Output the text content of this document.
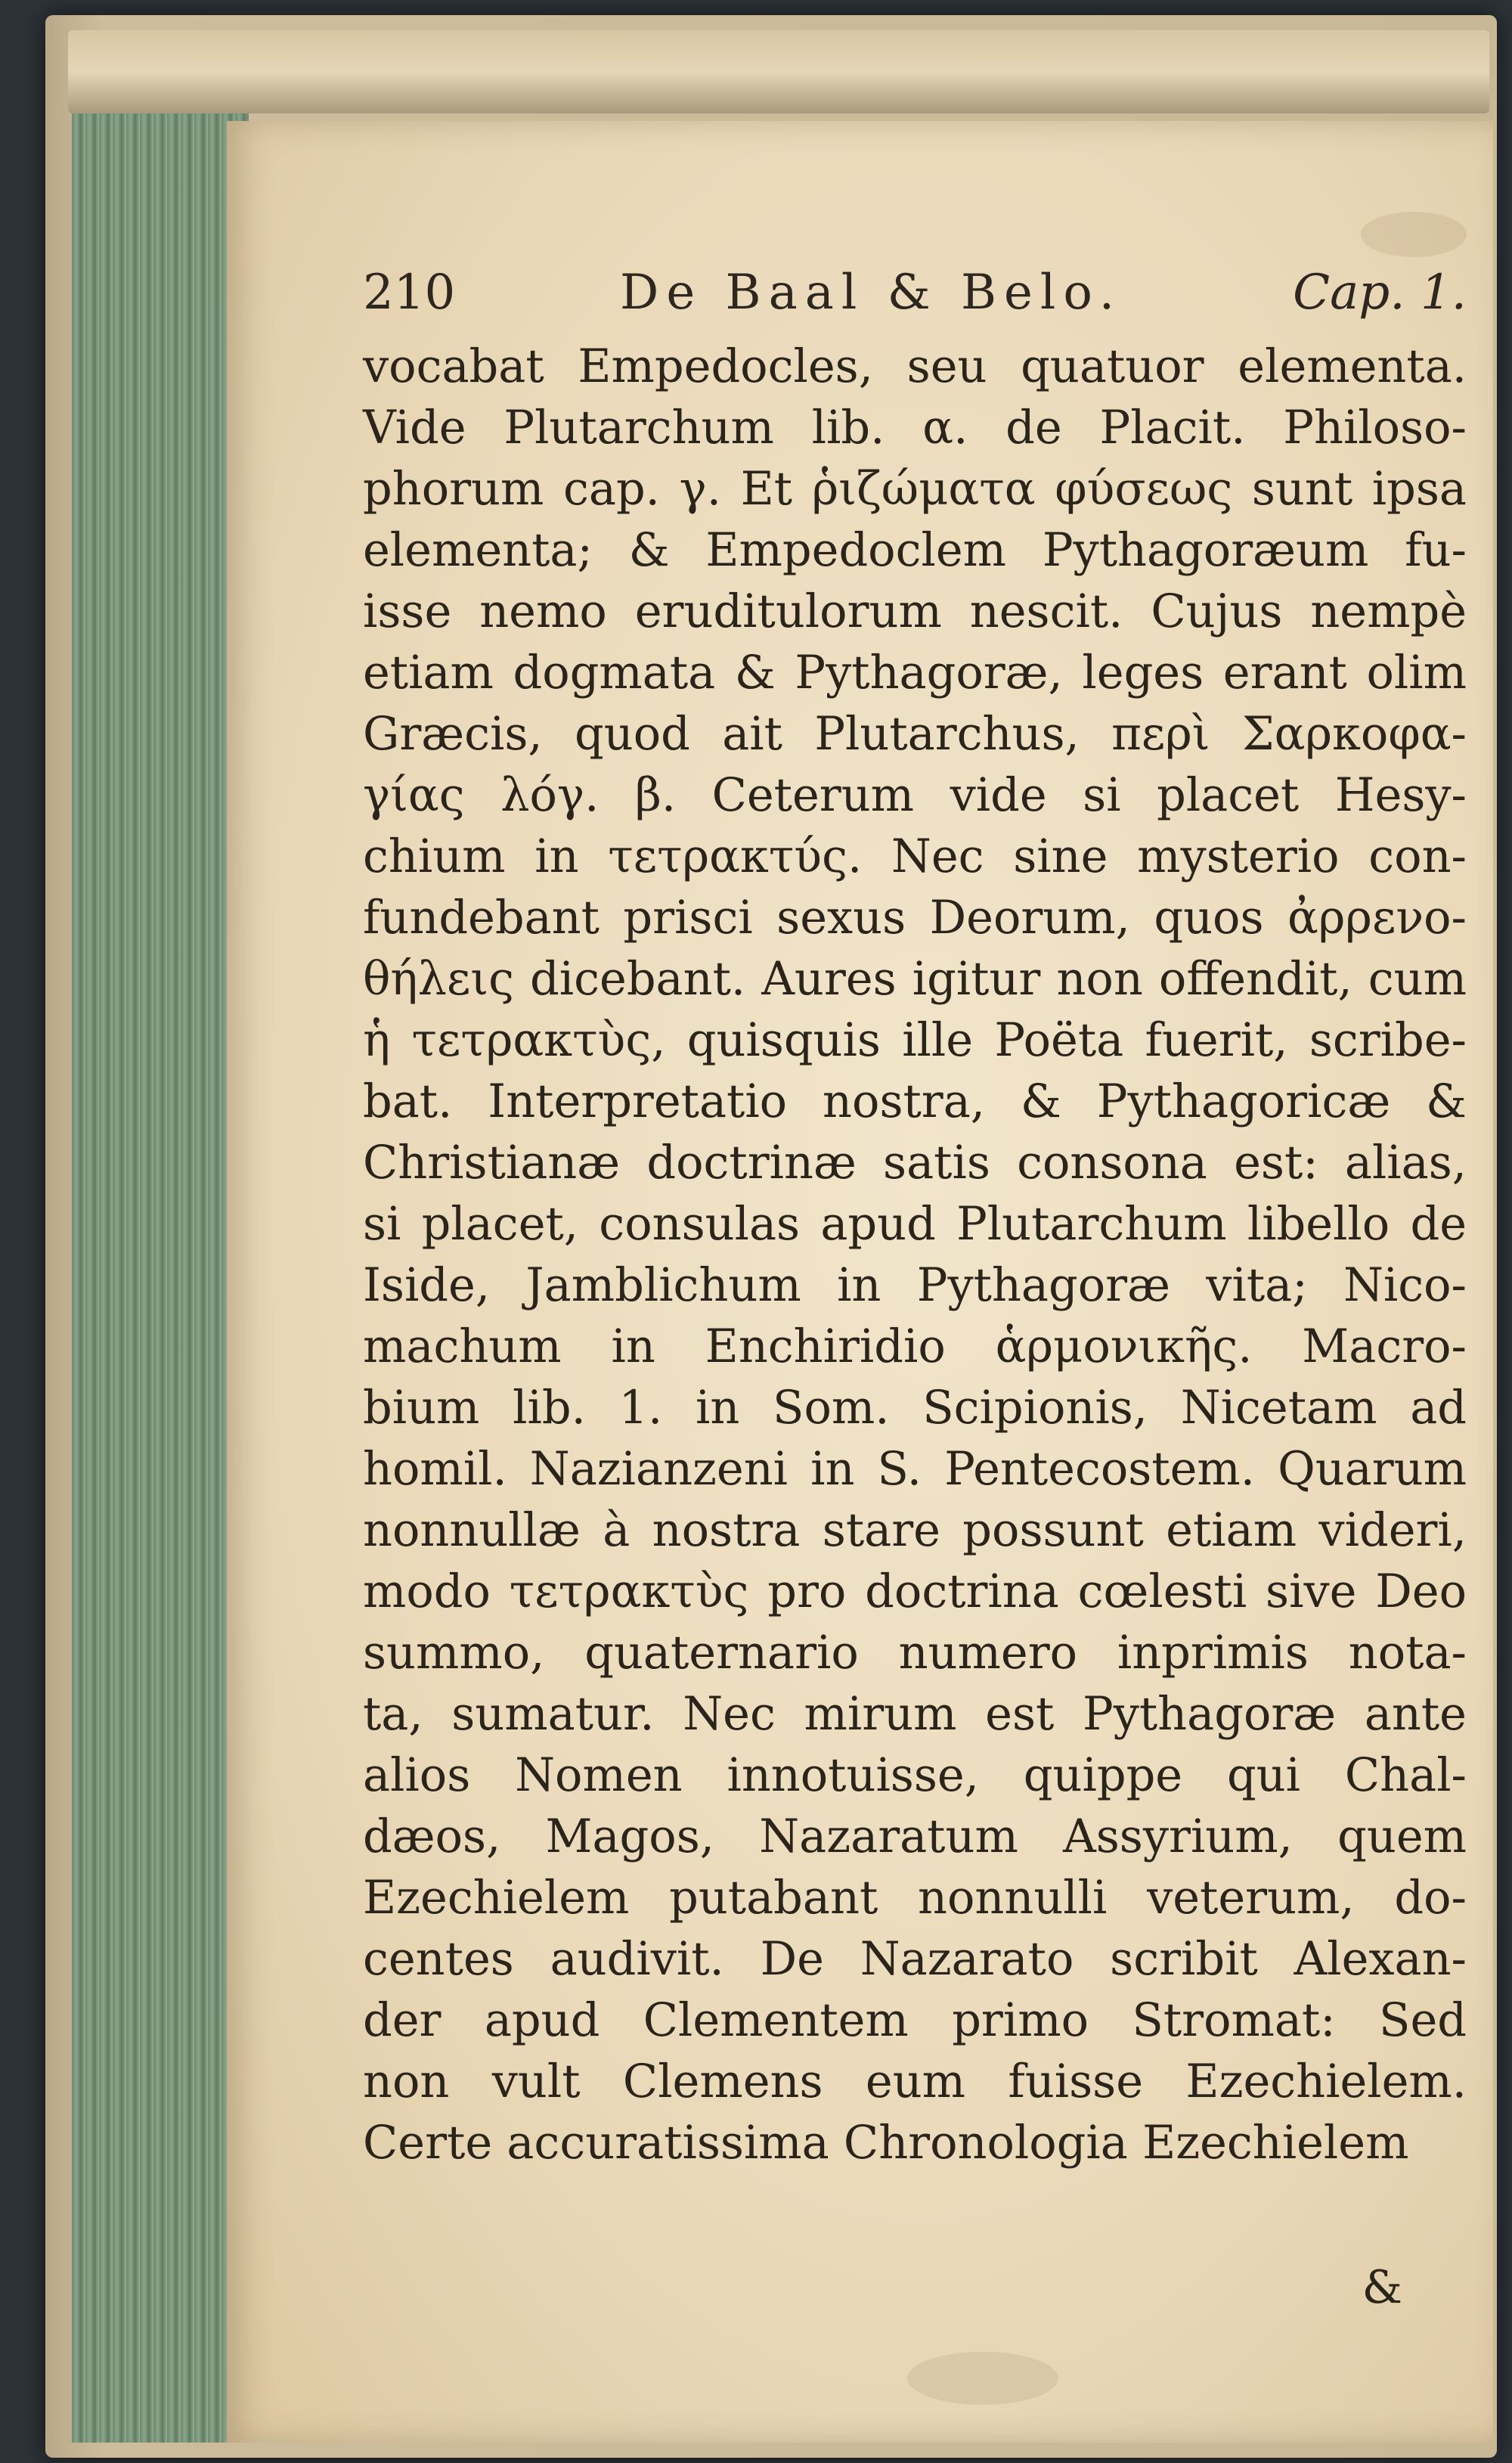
210	De Baal & Belo.	Cap. 1.
vocabat Empedocles, seu quatuor elementa.
Vide Plutarchum lib. α. de Placit. Philoso-
phorum cap. γ. Et ῥιζώματα φύσεως sunt ipsa
elementa; & Empedoclem Pythagoræum fu-
isse nemo eruditulorum nescit. Cujus nempè
etiam dogmata & Pythagoræ, leges erant olim
Græcis, quod ait Plutarchus, περὶ Σαρκοφα-
γίας λόγ. β. Ceterum vide si placet Hesy-
chium in τετρακτύς. Nec sine mysterio con-
fundebant prisci sexus Deorum, quos ἀρρενο-
θήλεις dicebant. Aures igitur non offendit, cum
ἡ τετρακτὺς, quisquis ille Poëta fuerit, scribe-
bat. Interpretatio nostra, & Pythagoricæ &
Christianæ doctrinæ satis consona est: alias,
si placet, consulas apud Plutarchum libello de
Iside, Jamblichum in Pythagoræ vita; Nico-
machum in Enchiridio ἁρμονικῆς. Macro-
bium lib. 1. in Som. Scipionis, Nicetam ad
homil. Nazianzeni in S. Pentecostem. Quarum
nonnullæ à nostra stare possunt etiam videri,
modo τετρακτὺς pro doctrina cœlesti sive Deo
summo, quaternario numero inprimis nota-
ta, sumatur. Nec mirum est Pythagoræ ante
alios Nomen innotuisse, quippe qui Chal-
dæos, Magos, Nazaratum Assyrium, quem
Ezechielem putabant nonnulli veterum, do-
centes audivit. De Nazarato scribit Alexan-
der apud Clementem primo Stromat: Sed
non vult Clemens eum fuisse Ezechielem.
Certe accuratissima Chronologia Ezechielem
&
